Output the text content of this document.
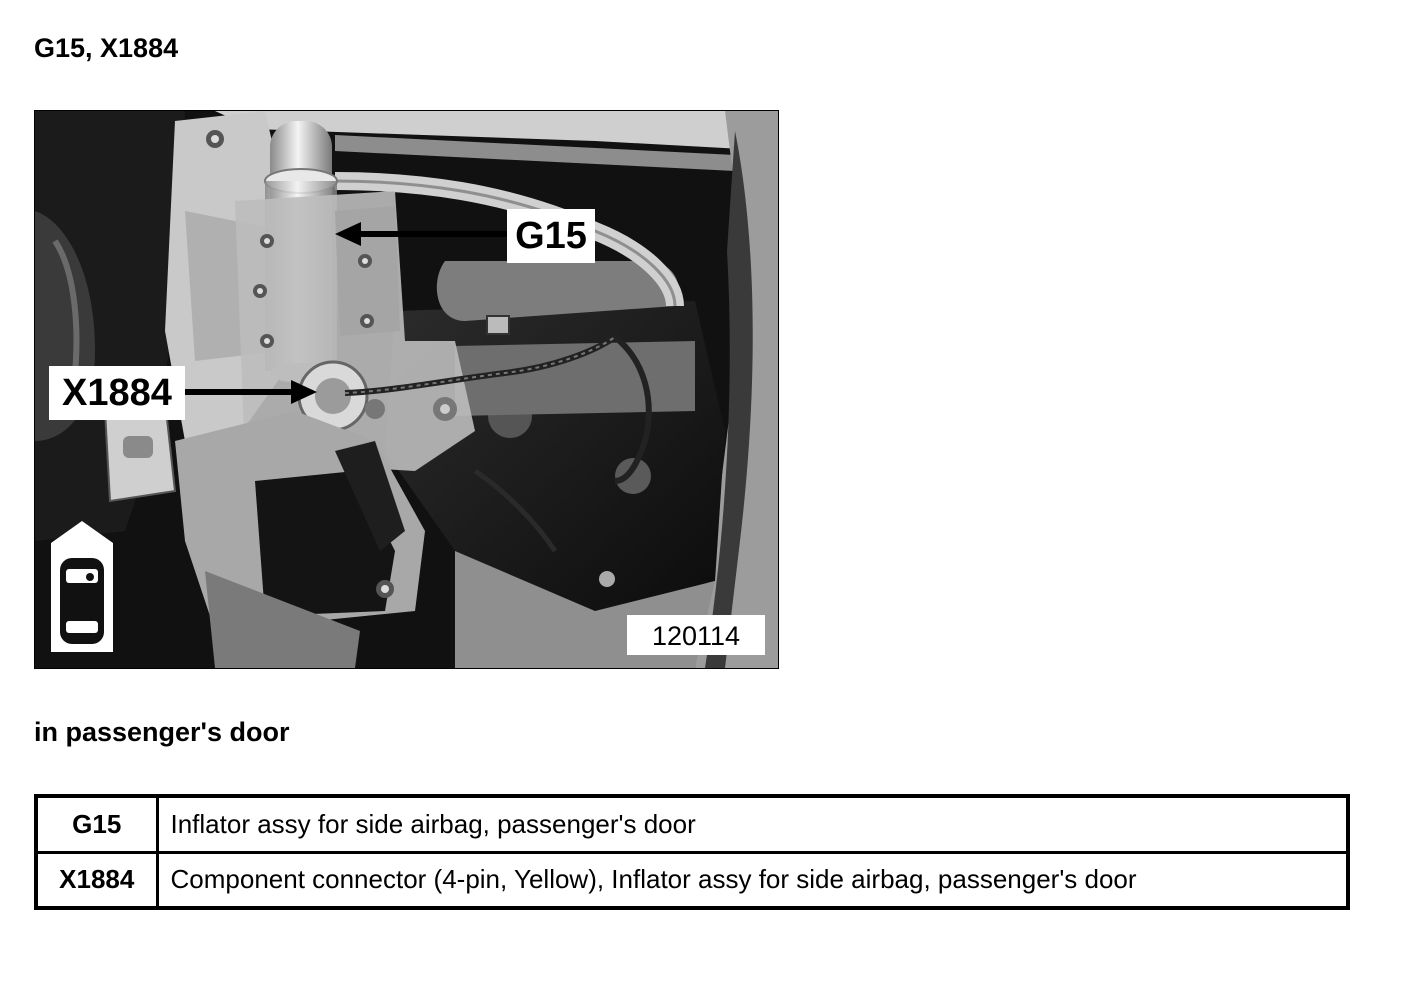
G15, X1884
G15
X1884
120114
in passenger's door
G15	Inflator assy for side airbag, passenger's door
X1884	Component connector (4-pin, Yellow), Inflator assy for side airbag, passenger's door
